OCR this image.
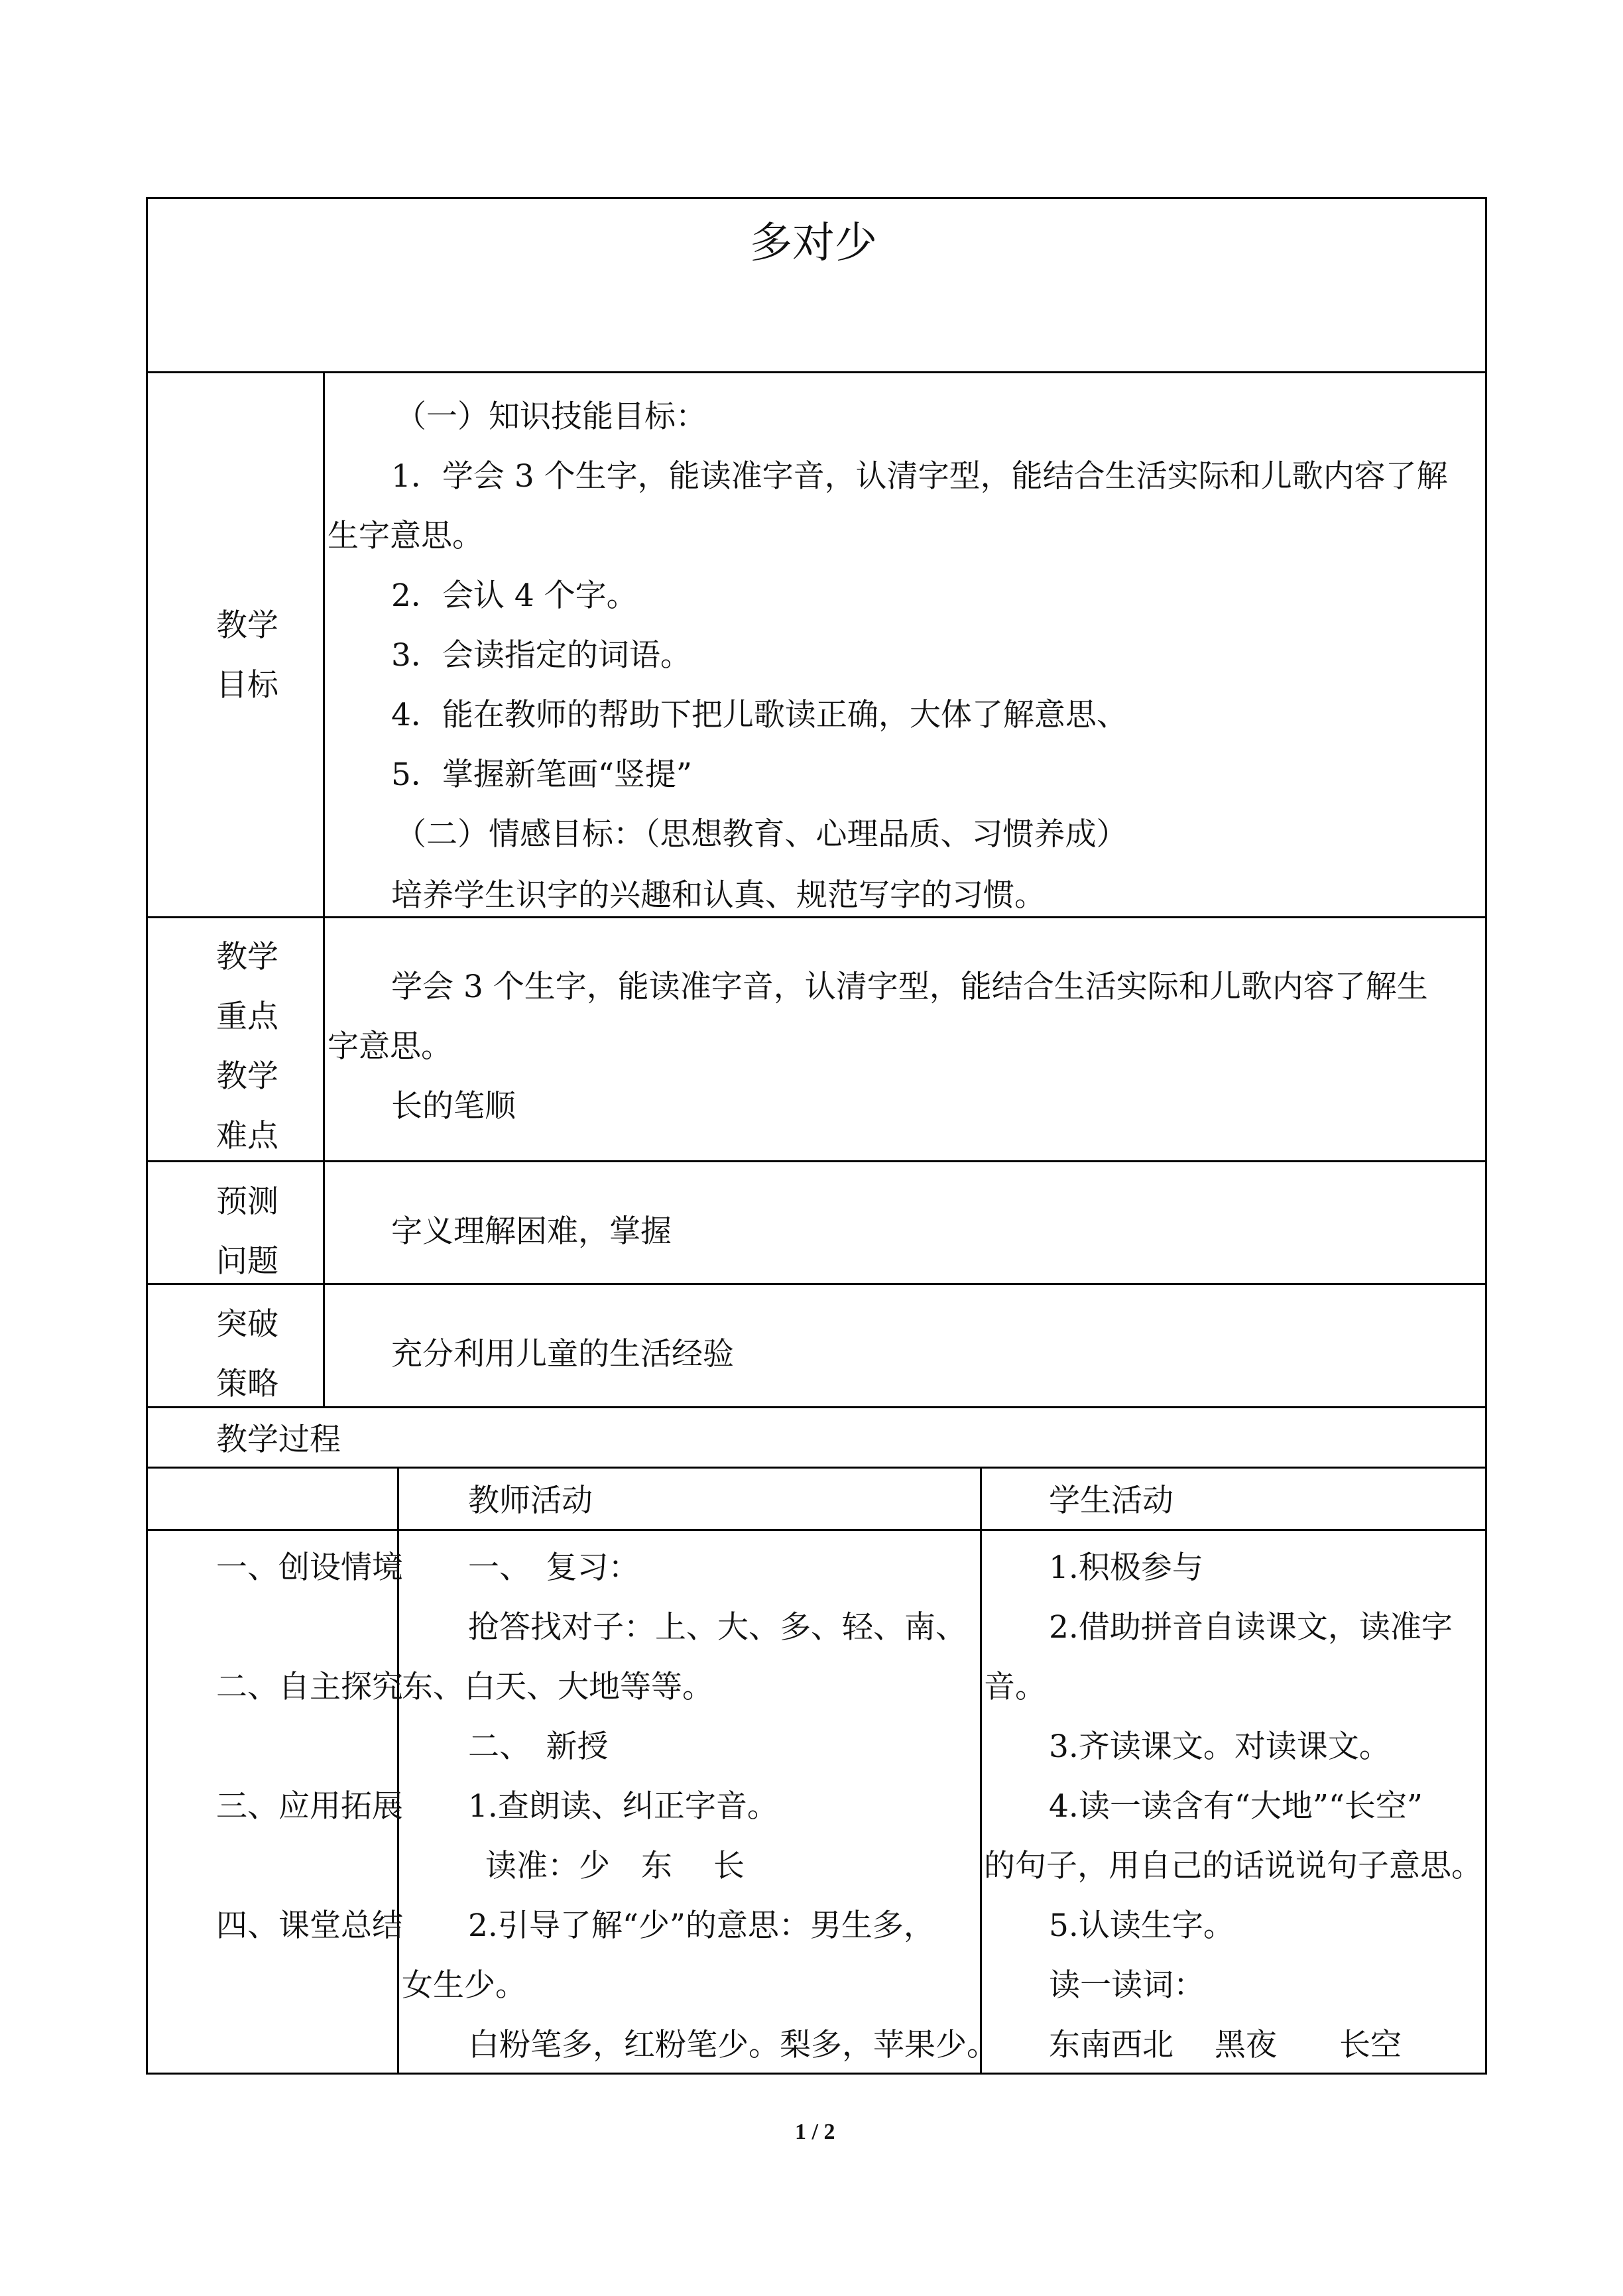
多对少
教学
目标
（一）知识技能目标：
1．学会 3 个生字，能读准字音，认清字型，能结合生活实际和儿歌内容了解
生字意思。
2．会认 4 个字。
3．会读指定的词语。
4．能在教师的帮助下把儿歌读正确，大体了解意思、
5．掌握新笔画“竖提”
（二）情感目标：（思想教育、心理品质、习惯养成）
培养学生识字的兴趣和认真、规范写字的习惯。
教学
重点
教学
难点
学会 3 个生字，能读准字音，认清字型，能结合生活实际和儿歌内容了解生
字意思。
长的笔顺
预测
问题
字义理解困难，掌握
突破
策略
充分利用儿童的生活经验
教学过程
教师活动	学生活动
一、创设情境
二、自主探究
三、应用拓展
四、课堂总结
一、　复习：
抢答找对子：上、大、多、轻、南、
东、白天、大地等等。
二、　新授
1.查朗读、纠正字音。
读准：少　东　 长
2.引导了解“少”的意思：男生多，
女生少。
白粉笔多，红粉笔少。梨多，苹果少。
1.积极参与
2.借助拼音自读课文，读准字
音。
3.齐读课文。对读课文。
4.读一读含有“大地”“长空”
的句子，用自己的话说说句子意思。
5.认读生字。
读一读词：
东南西北　 黑夜　　长空
1 / 2
